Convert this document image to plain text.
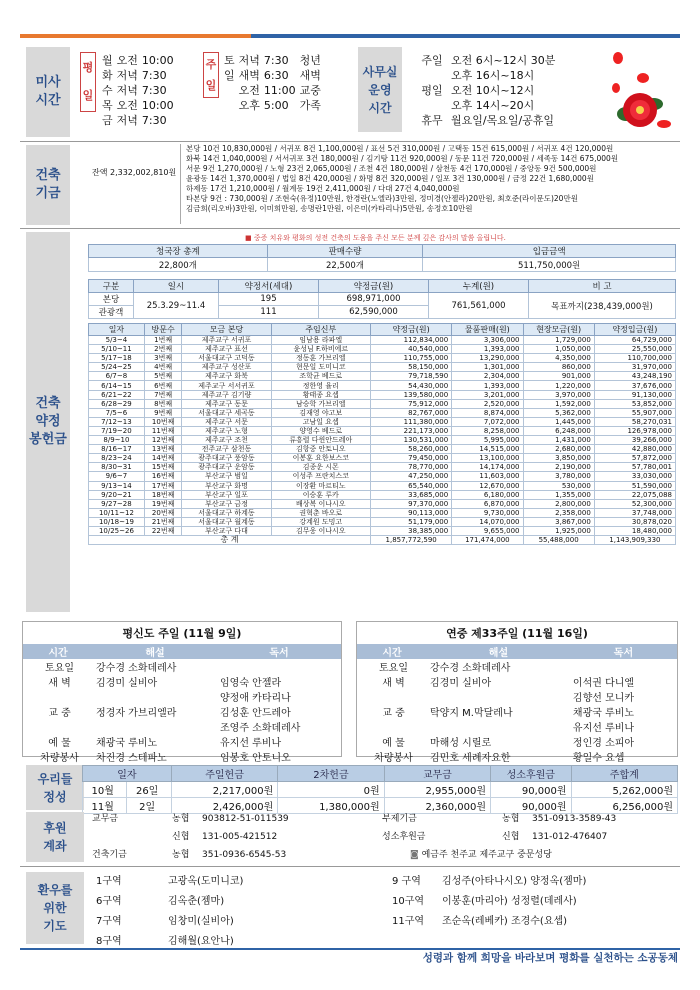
미사
시간
평
일
월	오전	10:00
화	저녁	7:30
수	저녁	7:30
목	오전	10:00
금	저녁	7:30
주
일
토	저녁	7:30	청년
일	새벽	6:30	새벽
	오전	11:00	교중
	오후	5:00	가족
사무실
운영
시간
주일	오전 6시~12시 30분
	오후 16시~18시
평일	오전 10시~12시
	오후 14시~20시
휴무	월요일/목요일/공휴일
건축
기금
잔액 2,332,002,810원
본당 10건 10,830,000원 / 서귀포 8건 1,100,000원 / 표선 5건 310,000원 / 고택동 15건 615,000원 / 서귀포 4건 120,000원
화북 14건 1,040,000원 / 서서귀포 3건 180,000원 / 김기탕 11건 920,000원 / 동문 11건 720,000원 / 세족동 14건 675,000원
서문 9건 1,270,000원 / 노형 23건 2,065,000원 / 조천 4건 180,000원 / 삼천동 4건 170,000원 / 중앙동 9건 500,000원
윤광동 14건 1,370,000원 / 법일 8건 420,000원 / 화명 8건 320,000원 / 일포 3건 130,000원 / 금정 22건 1,680,000원
하제동 17건 1,210,000원 / 월계동 19건 2,411,000원 / 다대 27건 4,040,000원
타본당 9건 : 730,000원 / 조현숙(유정)10만원, 한경란(노엘라)3만원, 정미경(안젤라)20만원, 최호준(라이문도)20만원
김금희(리오바)3만원, 이미희만원, 송명란1만원, 이은미(카타리나)5만원, 송정호10만원
건축
약정
봉헌금
■ 중증 치유와 평화의 성전 건축의 도움을 주신 모든 분께 깊은 감사의 말씀 올립니다.
청국장 총계	판매수량	입금금액
22,800개	22,500개	511,750,000원
구분	일시	약정서(세대)	약정금(원)	누계(원)	비 고
본당	25.3.29~11.4	195	698,971,000	761,561,000	목표까지(238,439,000원)
관광객		111	62,590,000		
일자	방문수	모금 본당	주임신부	약정금(원)	물품판매(원)	현장모금(원)	약정입금(원)
5/3~4	1번째	제주교구 서귀포	임남용 라파엘	112,834,000	3,306,000	1,729,000	64,729,000
5/10~11	2번째	제주교구 표선	윤성님 F.하비에르	40,540,000	1,393,000	1,050,000	25,550,000
5/17~18	3번째	서울대교구 고덕동	정동훈 가브리엘	110,755,000	13,290,000	4,350,000	110,700,000
5/24~25	4번째	제주교구 성산포	현문일 도미니코	58,150,000	1,301,000	860,000	31,970,000
6/7~8	5번째	제주교구 화북	조학균 베드로	79,718,590	2,304,000	901,000	43,248,190
6/14~15	6번째	제주교구 서서귀포	정한영 율리	54,430,000	1,393,000	1,220,000	37,676,000
6/21~22	7번째	제주교구 김기량	황태종 요셉	139,580,000	3,201,000	3,970,000	91,130,000
6/28~29	8번째	제주교구 동문	남승학 가브리엘	75,912,000	2,520,000	1,592,000	53,852,000
7/5~6	9번째	서울대교구 세곡동	김재영 야고보	82,767,000	8,874,000	5,362,000	55,907,000
7/12~13	10번째	제주교구 서문	고남일 요셉	111,380,000	7,072,000	1,445,000	58,270,031
7/19~20	11번째	제주교구 노형	양영수 베드로	221,173,000	8,258,000	6,248,000	126,978,000
8/9~10	12번째	제주교구 조천	류흥렬 다윈안드레아	130,531,000	5,995,000	1,431,000	39,266,000
8/16~17	13번째	전주교구 삼천동	김항중 안토니오	58,260,000	14,515,000	2,680,000	42,880,000
8/23~24	14번째	광주대교구 풍암동	이봉훈 요한보스코	79,450,000	13,100,000	3,850,000	57,872,000
8/30~31	15번째	광주대교구 운암동	김종운 시몬	78,770,000	14,174,000	2,190,000	57,780,001
9/6~7	16번째	부산교구 범일	이성주 프란치스코	47,250,000	11,603,000	3,780,000	33,030,000
9/13~14	17번째	부산교구 화명	이장환 마르티노	65,540,000	12,670,000	530,000	51,590,000
9/20~21	18번째	부산교구 일포	이승훈 루카	33,685,000	6,180,000	1,355,000	22,075,088
9/27~28	19번째	부산교구 금정	배상복 이나시오	97,370,000	6,870,000	2,800,000	52,300,000
10/11~12	20번째	서울대교구 하계동	권혁춘 바오로	90,113,000	9,730,000	2,358,000	37,748,000
10/18~19	21번째	서울대교구 월계동	강계원 도밍고	51,179,000	14,070,000	3,867,000	30,878,020
10/25~26	22번째	부산교구 다대	김무웅 이나시오	38,385,000	9,655,000	1,925,000	18,480,000
총 계				1,857,772,590	171,474,000	55,488,000	1,143,909,330
평신도 주일 (11월 9일)
시간	해설	독서
토요일	강수경 소화데레사	
새 벽	김경미 실비아	임영숙 안젤라
		양정애 카타리나
교 중	정경자 가브리엘라	김성훈 안드레아
		조영주 소화데레사
예 물	채광국 루비노	유지선 루비나
차량봉사	차진경 스테파노	임봉호 안토니오
연중 제33주일 (11월 16일)
시간	해설	독서
토요일	강수경 소화데레사	
새 벽	김경미 실비아	이석권 다니엘
		김향선 모니카
교 중	탁양지 M.막달레나	채광국 루비노
		유지선 루비나
예 물	마해성 시릴로	정인경 소피아
차량봉사	김민호 세례자요한	황일수 요셉
우리들
정성
일자		주일헌금	2차헌금	교무금	성소후원금	주합계
10월	26일	2,217,000원	0원	2,955,000원	90,000원	5,262,000원
11월	2일	2,426,000원	1,380,000원	2,360,000원	90,000원	6,256,000원
후원
계좌
교무금	농협	903812-51-011539	부제기금	농협	351-0913-3589-43
	신협	131-005-421512	성소후원금	신협	131-012-476407
건축기금	농협	351-0936-6545-53	◙ 예금주 천주교 제주교구 중문성당		
환우를
위한
기도
1구역	고광옥(도미니코)
6구역	김옥춘(젬마)
7구역	임창미(실비아)
8구역	김해월(요안나)
9 구역	김성주(아타나시오) 양정옥(젬마)
10구역	이봉훈(마리아) 성정렬(데레사)
11구역	조순옥(레베카) 조경수(요셉)
성령과 함께 희망을 바라보며 평화를 실천하는 소공동체
